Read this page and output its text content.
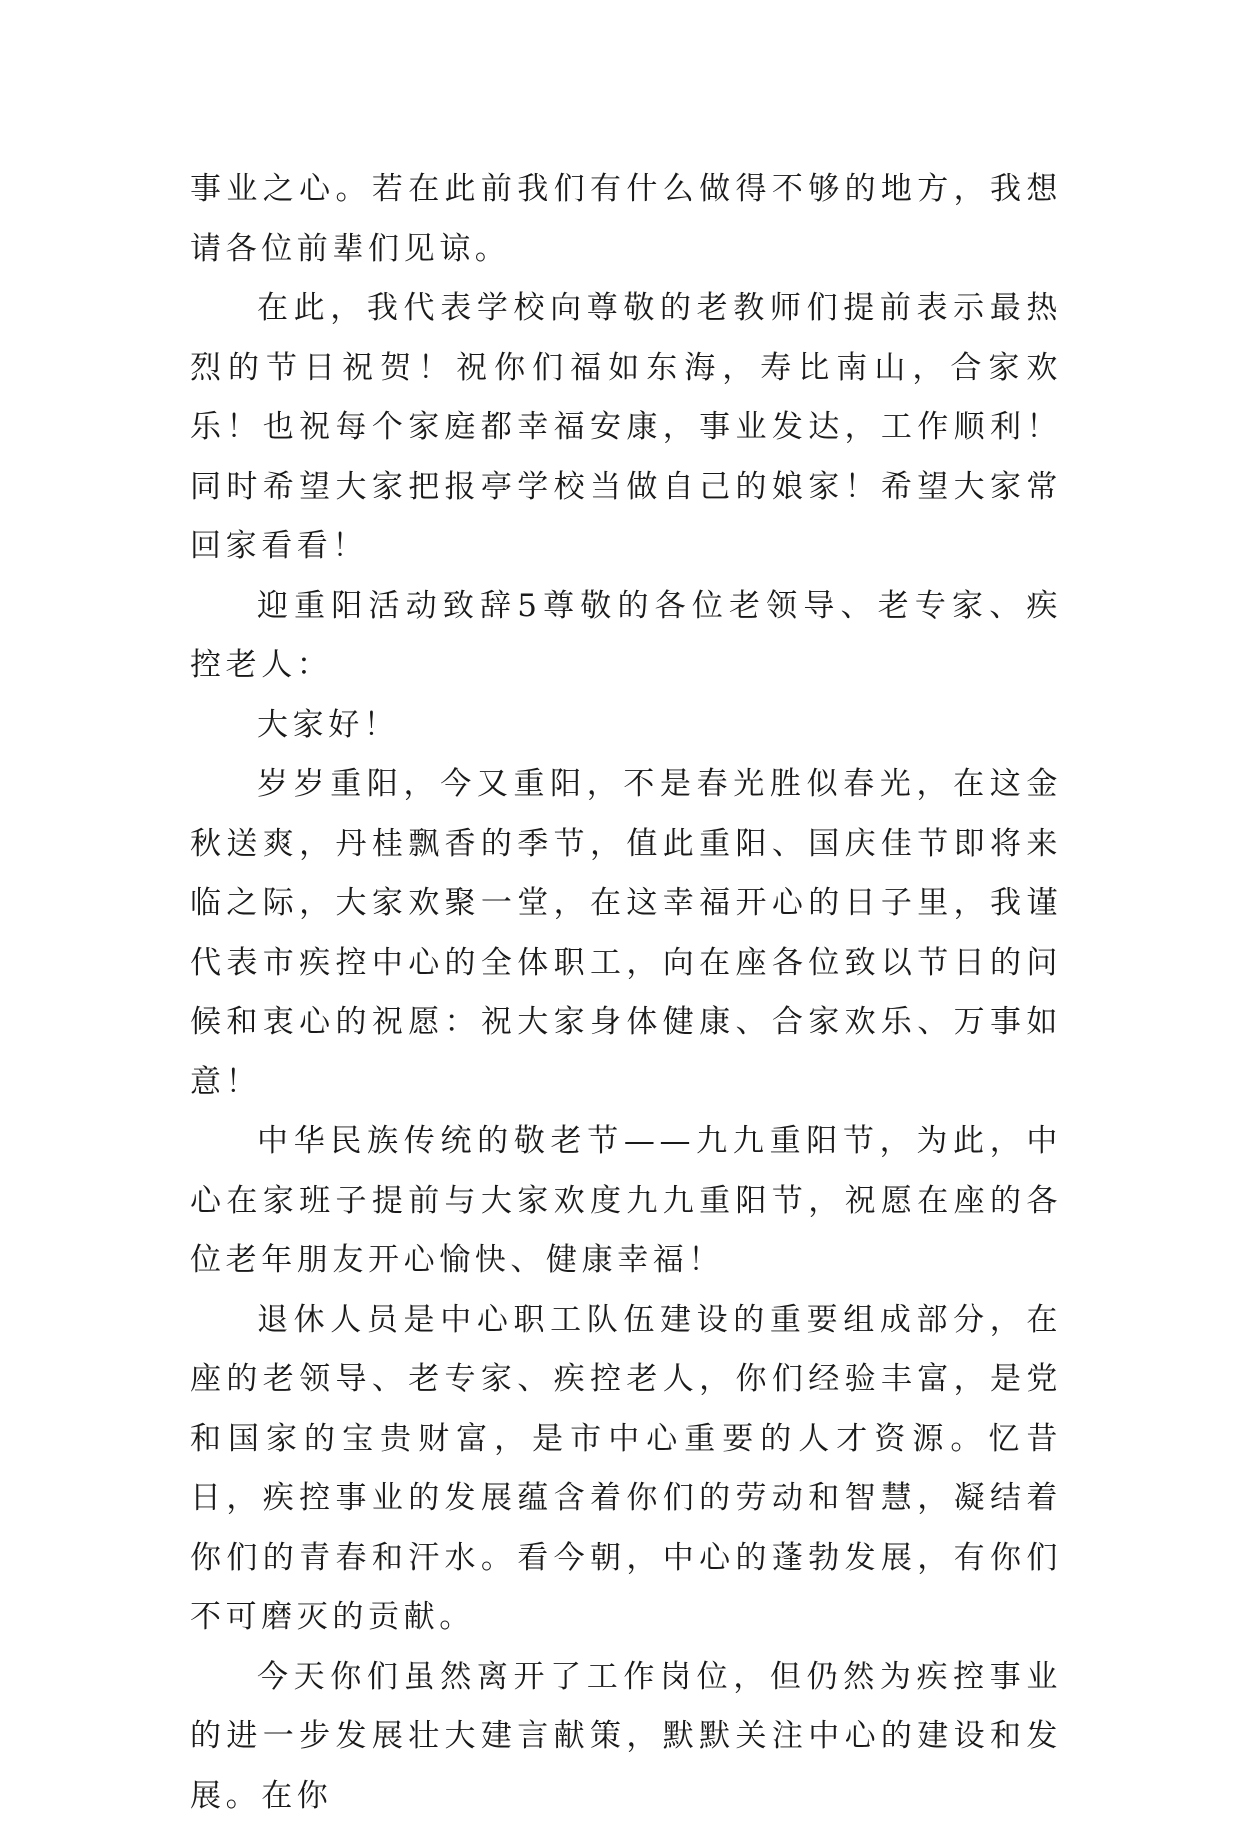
事业之心。若在此前我们有什么做得不够的地方，我想请各位前辈们见谅。

在此，我代表学校向尊敬的老教师们提前表示最热烈的节日祝贺！祝你们福如东海，寿比南山，合家欢乐！也祝每个家庭都幸福安康，事业发达，工作顺利！同时希望大家把报亭学校当做自己的娘家！希望大家常回家看看！

迎重阳活动致辞5尊敬的各位老领导、老专家、疾控老人：

大家好！

岁岁重阳，今又重阳，不是春光胜似春光，在这金秋送爽，丹桂飘香的季节，值此重阳、国庆佳节即将来临之际，大家欢聚一堂，在这幸福开心的日子里，我谨代表市疾控中心的全体职工，向在座各位致以节日的问候和衷心的祝愿：祝大家身体健康、合家欢乐、万事如意！

中华民族传统的敬老节——九九重阳节，为此，中心在家班子提前与大家欢度九九重阳节，祝愿在座的各位老年朋友开心愉快、健康幸福！

退休人员是中心职工队伍建设的重要组成部分，在座的老领导、老专家、疾控老人，你们经验丰富，是党和国家的宝贵财富，是市中心重要的人才资源。忆昔日，疾控事业的发展蕴含着你们的劳动和智慧，凝结着你们的青春和汗水。看今朝，中心的蓬勃发展，有你们不可磨灭的贡献。

今天你们虽然离开了工作岗位，但仍然为疾控事业的进一步发展壮大建言献策，默默关注中心的建设和发展。在你
